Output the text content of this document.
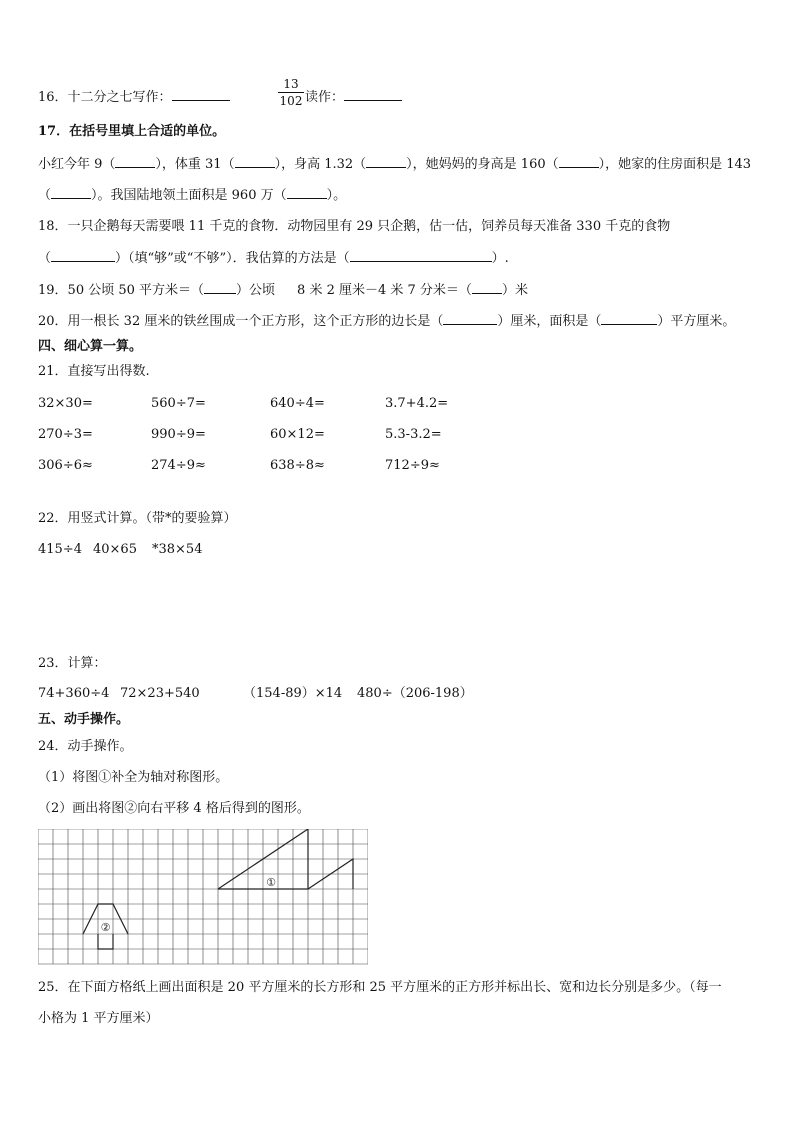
16．十二分之七写作：	$\frac{13}{102}$ 读作：
17．在括号里填上合适的单位。
小红今年 9（	），体重 31（	），身高 1.32（	），她妈妈的身高是 160（	），她家的住房面积是 143
（	）。我国陆地领土面积是 960 万（	）。
18．一只企鹅每天需要喂 11 千克的食物．动物园里有 29 只企鹅，估一估，饲养员每天准备 330 千克的食物
（	）（填“够”或“不够”）．我估算的方法是（	）.
19．50 公顷 50 平方米＝（ ）公顷 8 米 2 厘米－4 米 7 分米＝（ ）米
20．用一根长 32 厘米的铁丝围成一个正方形，这个正方形的边长是（	）厘米，面积是（	）平方厘米。
四、细心算一算。
21．直接写出得数.
32×30=	560÷7=	640÷4=	3.7+4.2=
270÷3=	990÷9=	60×12=	5.3-3.2=
306÷6≈	274÷9≈	638÷8≈	712÷9≈
22．用竖式计算。（带*的要验算）
415÷4 40×65 *38×54
23．计算：
74+360÷4 72×23+540	（154-89）×14 480÷（206-198）
五、动手操作。
24．动手操作。
（1）将图①补全为轴对称图形。
（2）画出将图②向右平移 4 格后得到的图形。
①
②
25．在下面方格纸上画出面积是 20 平方厘米的长方形和 25 平方厘米的正方形并标出长、宽和边长分别是多少。（每一
小格为 1 平方厘米）
